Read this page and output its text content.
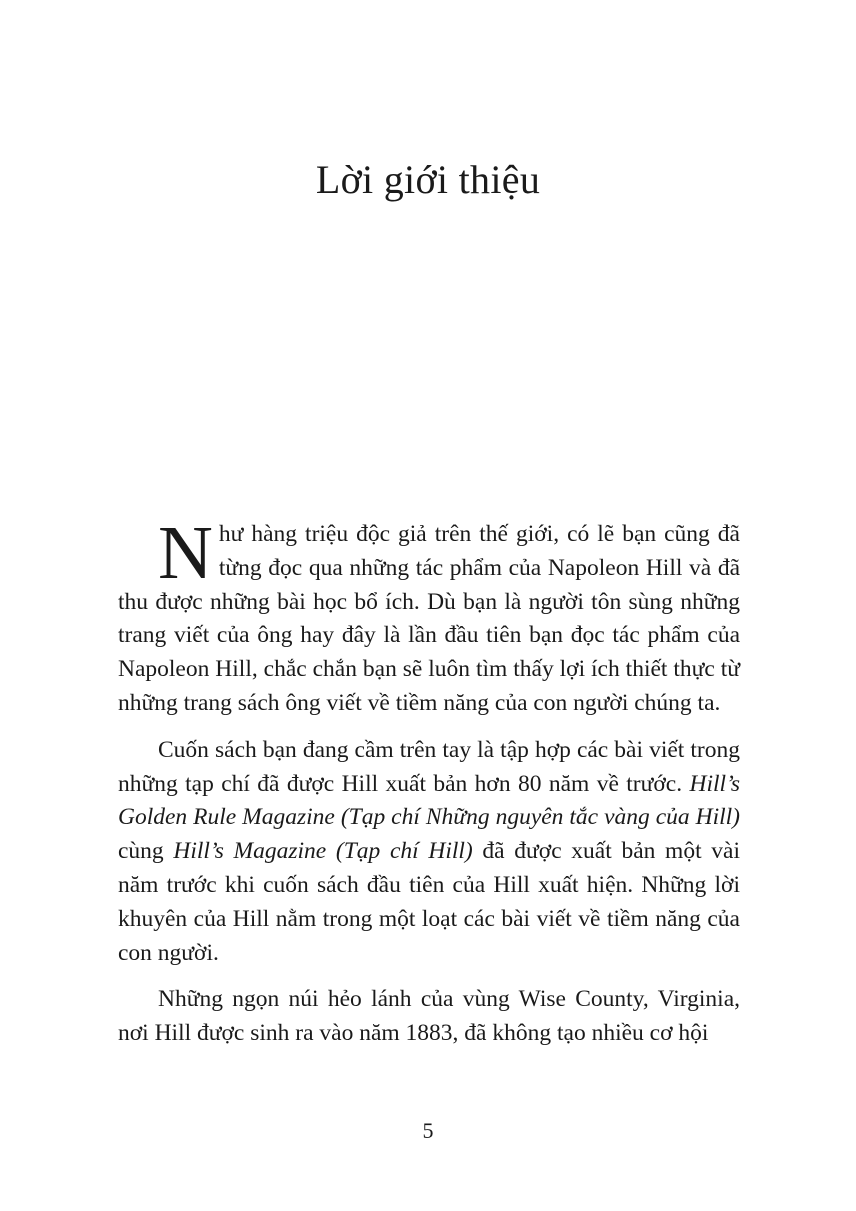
Lời giới thiệu

Như hàng triệu độc giả trên thế giới, có lẽ bạn cũng đã từng đọc qua những tác phẩm của Napoleon Hill và đã thu được những bài học bổ ích. Dù bạn là người tôn sùng những trang viết của ông hay đây là lần đầu tiên bạn đọc tác phẩm của Napoleon Hill, chắc chắn bạn sẽ luôn tìm thấy lợi ích thiết thực từ những trang sách ông viết về tiềm năng của con người chúng ta.

Cuốn sách bạn đang cầm trên tay là tập hợp các bài viết trong những tạp chí đã được Hill xuất bản hơn 80 năm về trước. Hill’s Golden Rule Magazine (Tạp chí Những nguyên tắc vàng của Hill) cùng Hill’s Magazine (Tạp chí Hill) đã được xuất bản một vài năm trước khi cuốn sách đầu tiên của Hill xuất hiện. Những lời khuyên của Hill nằm trong một loạt các bài viết về tiềm năng của con người.

Những ngọn núi hẻo lánh của vùng Wise County, Virginia, nơi Hill được sinh ra vào năm 1883, đã không tạo nhiều cơ hội

5
